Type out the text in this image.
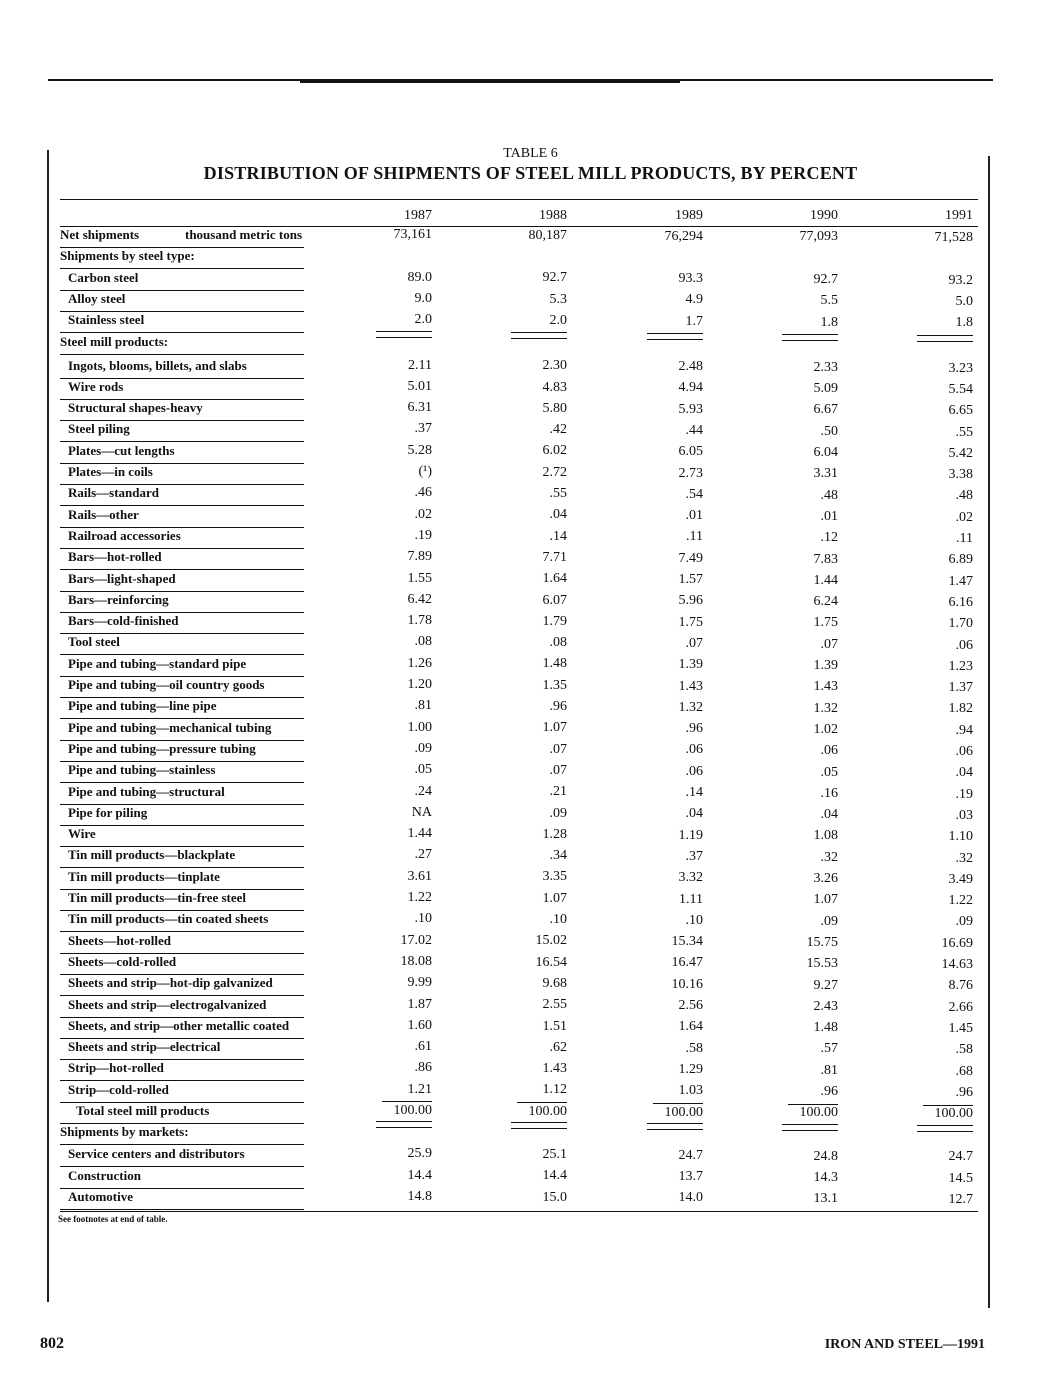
TABLE 6
DISTRIBUTION OF SHIPMENTS OF STEEL MILL PRODUCTS, BY PERCENT
1987	1988	1989	1990	1991
Net shipments	thousand metric tons	73,161	80,187	76,294	77,093	71,528
Shipments by steel type:
Carbon steel	89.0	92.7	93.3	92.7	93.2
Alloy steel	9.0	5.3	4.9	5.5	5.0
Stainless steel	2.0	2.0	1.7	1.8	1.8
Steel mill products:
Ingots, blooms, billets, and slabs	2.11	2.30	2.48	2.33	3.23
Wire rods	5.01	4.83	4.94	5.09	5.54
Structural shapes-heavy	6.31	5.80	5.93	6.67	6.65
Steel piling	.37	.42	.44	.50	.55
Plates—cut lengths	5.28	6.02	6.05	6.04	5.42
Plates—in coils	(¹)	2.72	2.73	3.31	3.38
Rails—standard	.46	.55	.54	.48	.48
Rails—other	.02	.04	.01	.01	.02
Railroad accessories	.19	.14	.11	.12	.11
Bars—hot-rolled	7.89	7.71	7.49	7.83	6.89
Bars—light-shaped	1.55	1.64	1.57	1.44	1.47
Bars—reinforcing	6.42	6.07	5.96	6.24	6.16
Bars—cold-finished	1.78	1.79	1.75	1.75	1.70
Tool steel	.08	.08	.07	.07	.06
Pipe and tubing—standard pipe	1.26	1.48	1.39	1.39	1.23
Pipe and tubing—oil country goods	1.20	1.35	1.43	1.43	1.37
Pipe and tubing—line pipe	.81	.96	1.32	1.32	1.82
Pipe and tubing—mechanical tubing	1.00	1.07	.96	1.02	.94
Pipe and tubing—pressure tubing	.09	.07	.06	.06	.06
Pipe and tubing—stainless	.05	.07	.06	.05	.04
Pipe and tubing—structural	.24	.21	.14	.16	.19
Pipe for piling	NA	.09	.04	.04	.03
Wire	1.44	1.28	1.19	1.08	1.10
Tin mill products—blackplate	.27	.34	.37	.32	.32
Tin mill products—tinplate	3.61	3.35	3.32	3.26	3.49
Tin mill products—tin-free steel	1.22	1.07	1.11	1.07	1.22
Tin mill products—tin coated sheets	.10	.10	.10	.09	.09
Sheets—hot-rolled	17.02	15.02	15.34	15.75	16.69
Sheets—cold-rolled	18.08	16.54	16.47	15.53	14.63
Sheets and strip—hot-dip galvanized	9.99	9.68	10.16	9.27	8.76
Sheets and strip—electrogalvanized	1.87	2.55	2.56	2.43	2.66
Sheets, and strip—other metallic coated	1.60	1.51	1.64	1.48	1.45
Sheets and strip—electrical	.61	.62	.58	.57	.58
Strip—hot-rolled	.86	1.43	1.29	.81	.68
Strip—cold-rolled	1.21	1.12	1.03	.96	.96
Total steel mill products	100.00	100.00	100.00	100.00	100.00
Shipments by markets:
Service centers and distributors	25.9	25.1	24.7	24.8	24.7
Construction	14.4	14.4	13.7	14.3	14.5
Automotive	14.8	15.0	14.0	13.1	12.7
See footnotes at end of table.
802	IRON AND STEEL—1991
